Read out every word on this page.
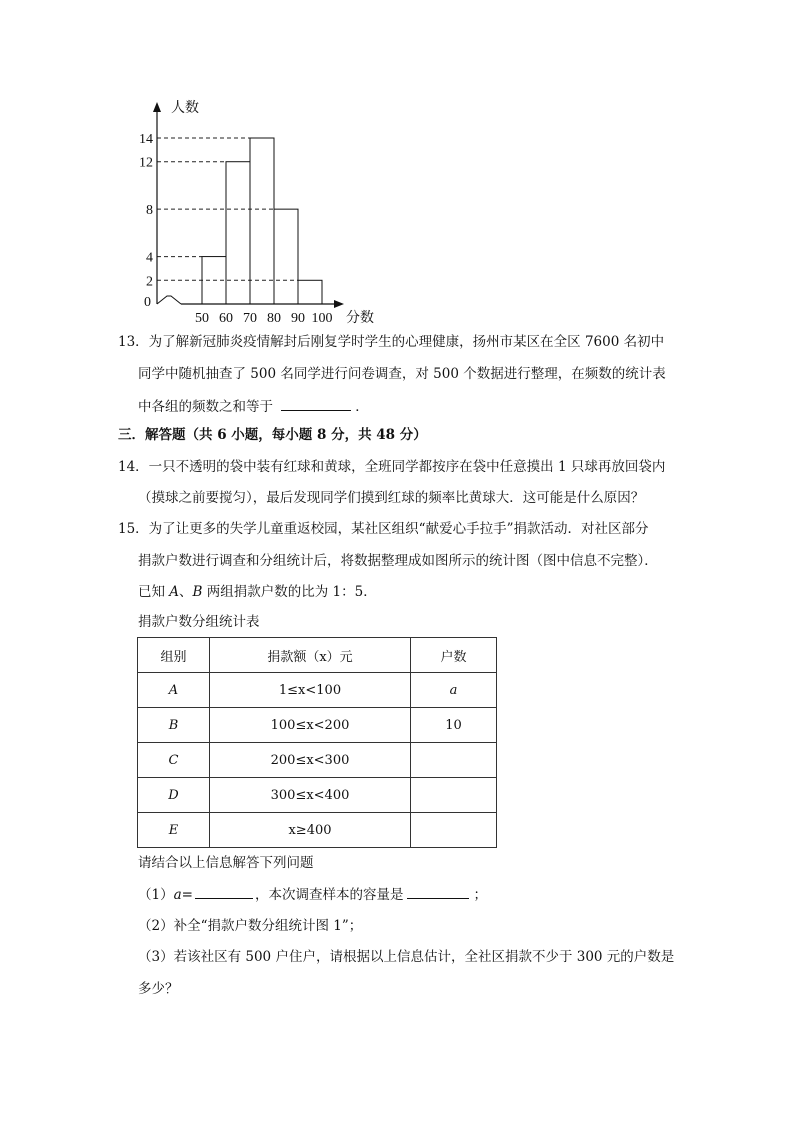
2
4
8
12
14
50 60 70 80 90 100
0
人数
分数
13．为了解新冠肺炎疫情解封后刚复学时学生的心理健康，扬州市某区在全区 7600 名初中
同学中随机抽查了 500 名同学进行问卷调查，对 500 个数据进行整理，在频数的统计表
中各组的频数之和等于	．
三．解答题（共 6 小题，每小题 8 分，共 48 分）
14．一只不透明的袋中装有红球和黄球，全班同学都按序在袋中任意摸出 1 只球再放回袋内
（摸球之前要搅匀），最后发现同学们摸到红球的频率比黄球大．这可能是什么原因？
15．为了让更多的失学儿童重返校园，某社区组织“献爱心手拉手”捐款活动．对社区部分
捐款户数进行调查和分组统计后，将数据整理成如图所示的统计图（图中信息不完整）．
已知 A、B 两组捐款户数的比为 1：5．
捐款户数分组统计表
组别	捐款额（x）元	户数
A	1≤x<100	a
B	100≤x<200	10
C	200≤x<300	
D	300≤x<400	
E	x≥400	
请结合以上信息解答下列问题
（1）a=	，本次调查样本的容量是	；
（2）补全“捐款户数分组统计图 1”；
（3）若该社区有 500 户住户，请根据以上信息估计，全社区捐款不少于 300 元的户数是
多少？
